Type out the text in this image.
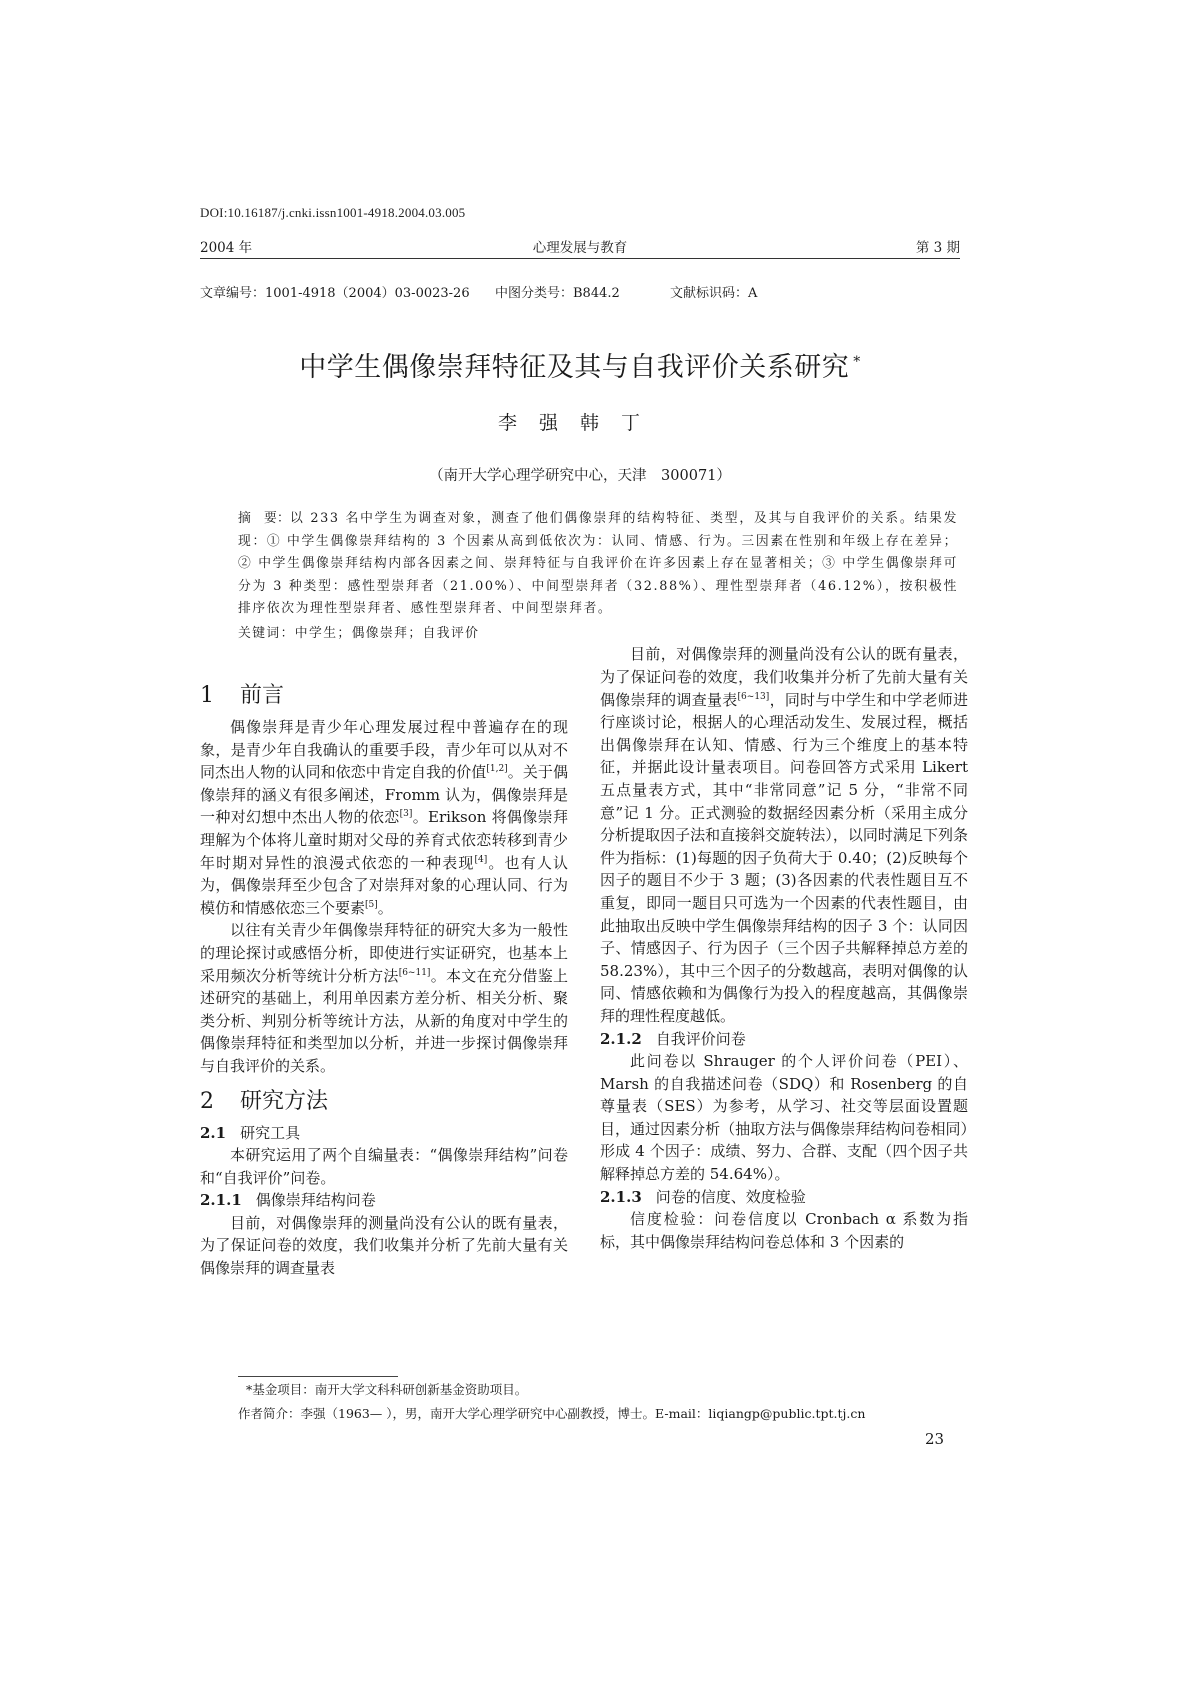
DOI:10.16187/j.cnki.issn1001-4918.2004.03.005
2004 年	心理发展与教育	第 3 期
文章编号：1001-4918（2004）03-0023-26 中图分类号：B844.2	文献标识码：A
中学生偶像崇拜特征及其与自我评价关系研究 *
李强韩丁
（南开大学心理学研究中心，天津　300071）
摘　要：以 233 名中学生为调查对象，测查了他们偶像崇拜的结构特征、类型，及其与自我评价的关系。结果发现：① 中学生偶像崇拜结构的 3 个因素从高到低依次为：认同、情感、行为。三因素在性别和年级上存在差异；② 中学生偶像崇拜结构内部各因素之间、崇拜特征与自我评价在许多因素上存在显著相关；③ 中学生偶像崇拜可分为 3 种类型：感性型崇拜者（21.00%）、中间型崇拜者（32.88%）、理性型崇拜者（46.12%），按积极性排序依次为理性型崇拜者、感性型崇拜者、中间型崇拜者。
关键词：中学生；偶像崇拜；自我评价
1 前言

偶像崇拜是青少年心理发展过程中普遍存在的现象，是青少年自我确认的重要手段，青少年可以从对不同杰出人物的认同和依恋中肯定自我的价值[1,2]。关于偶像崇拜的涵义有很多阐述，Fromm 认为，偶像崇拜是一种对幻想中杰出人物的依恋[3]。Erikson 将偶像崇拜理解为个体将儿童时期对父母的养育式依恋转移到青少年时期对异性的浪漫式依恋的一种表现[4]。也有人认为，偶像崇拜至少包含了对崇拜对象的心理认同、行为模仿和情感依恋三个要素[5]。

以往有关青少年偶像崇拜特征的研究大多为一般性的理论探讨或感悟分析，即使进行实证研究，也基本上采用频次分析等统计分析方法[6~11]。本文在充分借鉴上述研究的基础上，利用单因素方差分析、相关分析、聚类分析、判别分析等统计方法，从新的角度对中学生的偶像崇拜特征和类型加以分析，并进一步探讨偶像崇拜与自我评价的关系。

2 研究方法
2.1 研究工具

本研究运用了两个自编量表：“偶像崇拜结构”问卷和“自我评价”问卷。

2.1.1 偶像崇拜结构问卷

目前，对偶像崇拜的测量尚没有公认的既有量表，为了保证问卷的效度，我们收集并分析了先前大量有关偶像崇拜的调查量表

目前，对偶像崇拜的测量尚没有公认的既有量表，为了保证问卷的效度，我们收集并分析了先前大量有关偶像崇拜的调查量表[6~13]，同时与中学生和中学老师进行座谈讨论，根据人的心理活动发生、发展过程，概括出偶像崇拜在认知、情感、行为三个维度上的基本特征，并据此设计量表项目。问卷回答方式采用 Likert 五点量表方式，其中“非常同意”记 5 分，“非常不同意”记 1 分。正式测验的数据经因素分析（采用主成分分析提取因子法和直接斜交旋转法），以同时满足下列条件为指标：(1)每题的因子负荷大于 0.40；(2)反映每个因子的题目不少于 3 题；(3)各因素的代表性题目互不重复，即同一题目只可选为一个因素的代表性题目，由此抽取出反映中学生偶像崇拜结构的因子 3 个：认同因子、情感因子、行为因子（三个因子共解释掉总方差的 58.23%），其中三个因子的分数越高，表明对偶像的认同、情感依赖和为偶像行为投入的程度越高，其偶像崇拜的理性程度越低。

2.1.2 自我评价问卷

此问卷以 Shrauger 的个人评价问卷（PEI）、Marsh 的自我描述问卷（SDQ）和 Rosenberg 的自尊量表（SES）为参考，从学习、社交等层面设置题目，通过因素分析（抽取方法与偶像崇拜结构问卷相同）形成 4 个因子：成绩、努力、合群、支配（四个因子共解释掉总方差的 54.64%）。

2.1.3 问卷的信度、效度检验

信度检验：问卷信度以 Cronbach α 系数为指标，其中偶像崇拜结构问卷总体和 3 个因素的

*基金项目：南开大学文科科研创新基金资助项目。
作者简介：李强（1963— ），男，南开大学心理学研究中心副教授，博士。E-mail：liqiangp@public.tpt.tj.cn
23
